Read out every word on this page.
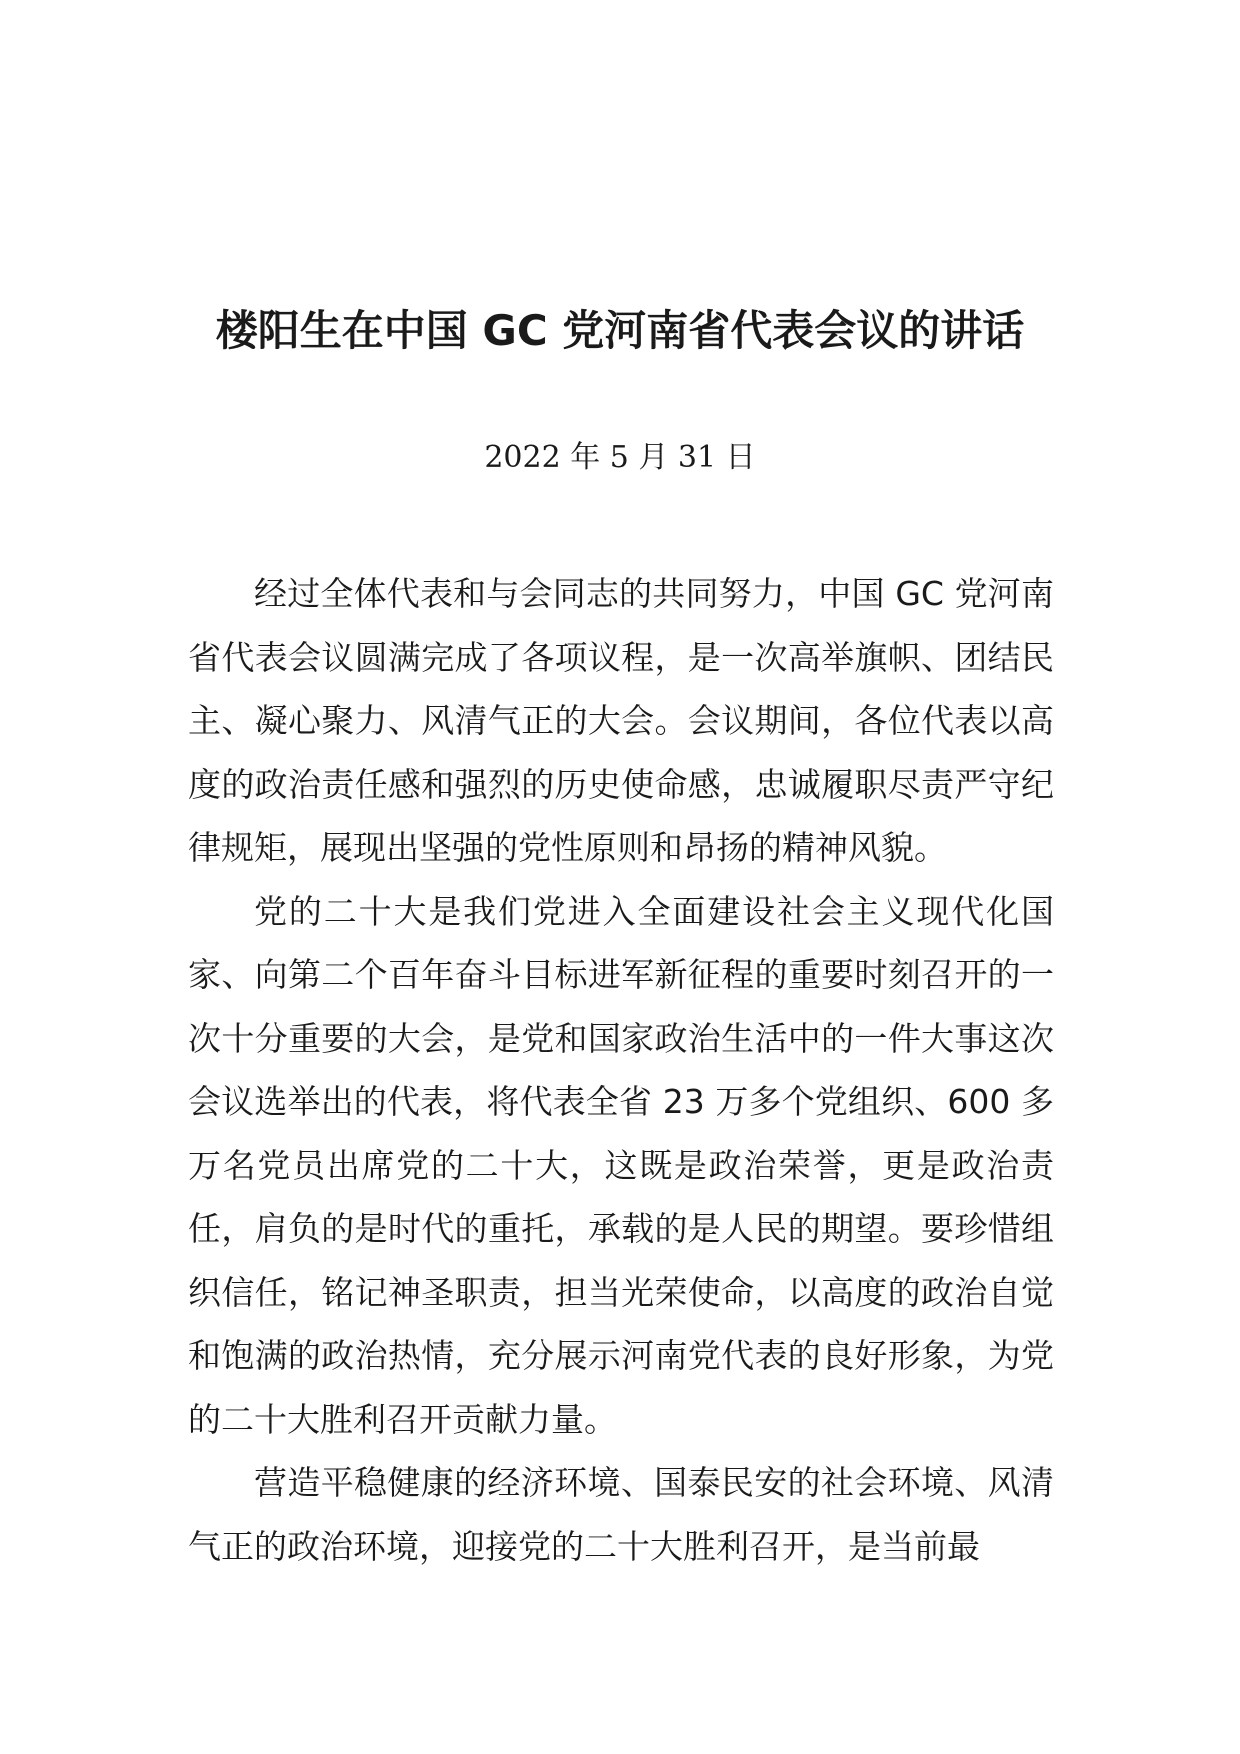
楼阳生在中国 GC 党河南省代表会议的讲话
2022 年 5 月 31 日

经过全体代表和与会同志的共同努力，中国 GC 党河南省代表会议圆满完成了各项议程，是一次高举旗帜、团结民主、凝心聚力、风清气正的大会。会议期间，各位代表以高度的政治责任感和强烈的历史使命感，忠诚履职尽责严守纪律规矩，展现出坚强的党性原则和昂扬的精神风貌。

党的二十大是我们党进入全面建设社会主义现代化国家、向第二个百年奋斗目标进军新征程的重要时刻召开的一次十分重要的大会，是党和国家政治生活中的一件大事这次会议选举出的代表，将代表全省 23 万多个党组织、600 多万名党员出席党的二十大，这既是政治荣誉，更是政治责任，肩负的是时代的重托，承载的是人民的期望。要珍惜组织信任，铭记神圣职责，担当光荣使命，以高度的政治自觉和饱满的政治热情，充分展示河南党代表的良好形象，为党的二十大胜利召开贡献力量。

营造平稳健康的经济环境、国泰民安的社会环境、风清气正的政治环境，迎接党的二十大胜利召开，是当前最
